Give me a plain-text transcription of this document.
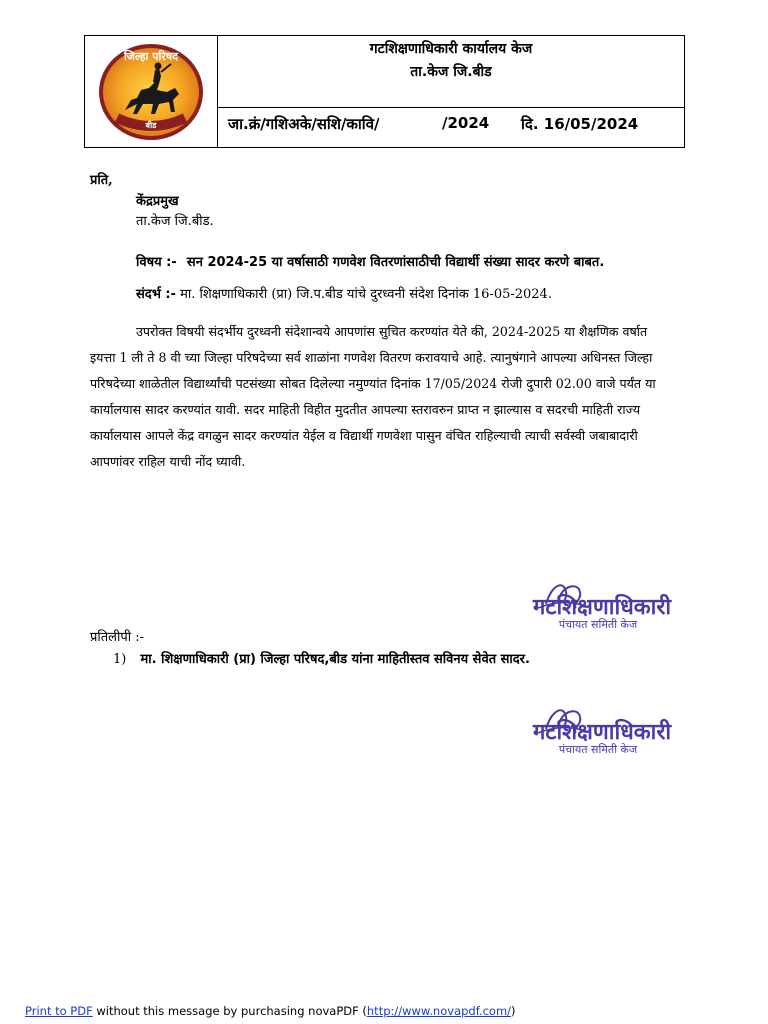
बीड
जिल्हा परिषद	गटशिक्षणाधिकारी कार्यालय केज
ता.केज जि.बीड
जा.क्रं/गशिअके/सशि/कावि/	/2024 दि. 16/05/2024
प्रति,
केंद्रप्रमुख
ता.केज जि.बीड.
विषय :- सन 2024-25 या वर्षासाठी गणवेश वितरणांसाठीची विद्यार्थी संख्या सादर करणे बाबत.
संदर्भ :- मा. शिक्षणाधिकारी (प्रा) जि.प.बीड यांचे दुरध्वनी संदेश दिनांक 16-05-2024.
उपरोक्त विषयी संदर्भीय दुरध्वनी संदेशान्वये आपणांस सुचित करण्यांत येते की, 2024-2025 या शैक्षणिक वर्षात
इयत्ता 1 ली ते 8 वी च्या जिल्हा परिषदेच्या सर्व शाळांना गणवेश वितरण करावयाचे आहे. त्यानुषंगाने आपल्या अधिनस्त जिल्हा
परिषदेच्या शाळेतील विद्यार्थ्यांची पटसंख्या सोबत दिलेल्या नमुण्यांत दिनांक 17/05/2024 रोजी दुपारी 02.00 वाजे पर्यंत या
कार्यालयास सादर करण्यांत यावी. सदर माहिती विहीत मुदतीत आपल्या स्तरावरुन प्राप्त न झाल्यास व सदरची माहिती राज्य
कार्यालयास आपले केंद्र वगळुन सादर करण्यांत येईल व विद्यार्थी गणवेशा पासुन वंचित राहिल्याची त्याची सर्वस्वी जबाबादारी
आपणांवर राहिल याची नोंद घ्यावी.
गटशिक्षणाधिकारी
पंचायत समिती केज
प्रतिलीपी :-
1) मा. शिक्षणाधिकारी (प्रा) जिल्हा परिषद,बीड यांना माहितीस्तव सविनय सेवेत सादर.
गटशिक्षणाधिकारी
पंचायत समिती केज
Print to PDF without this message by purchasing novaPDF (http://www.novapdf.com/)
